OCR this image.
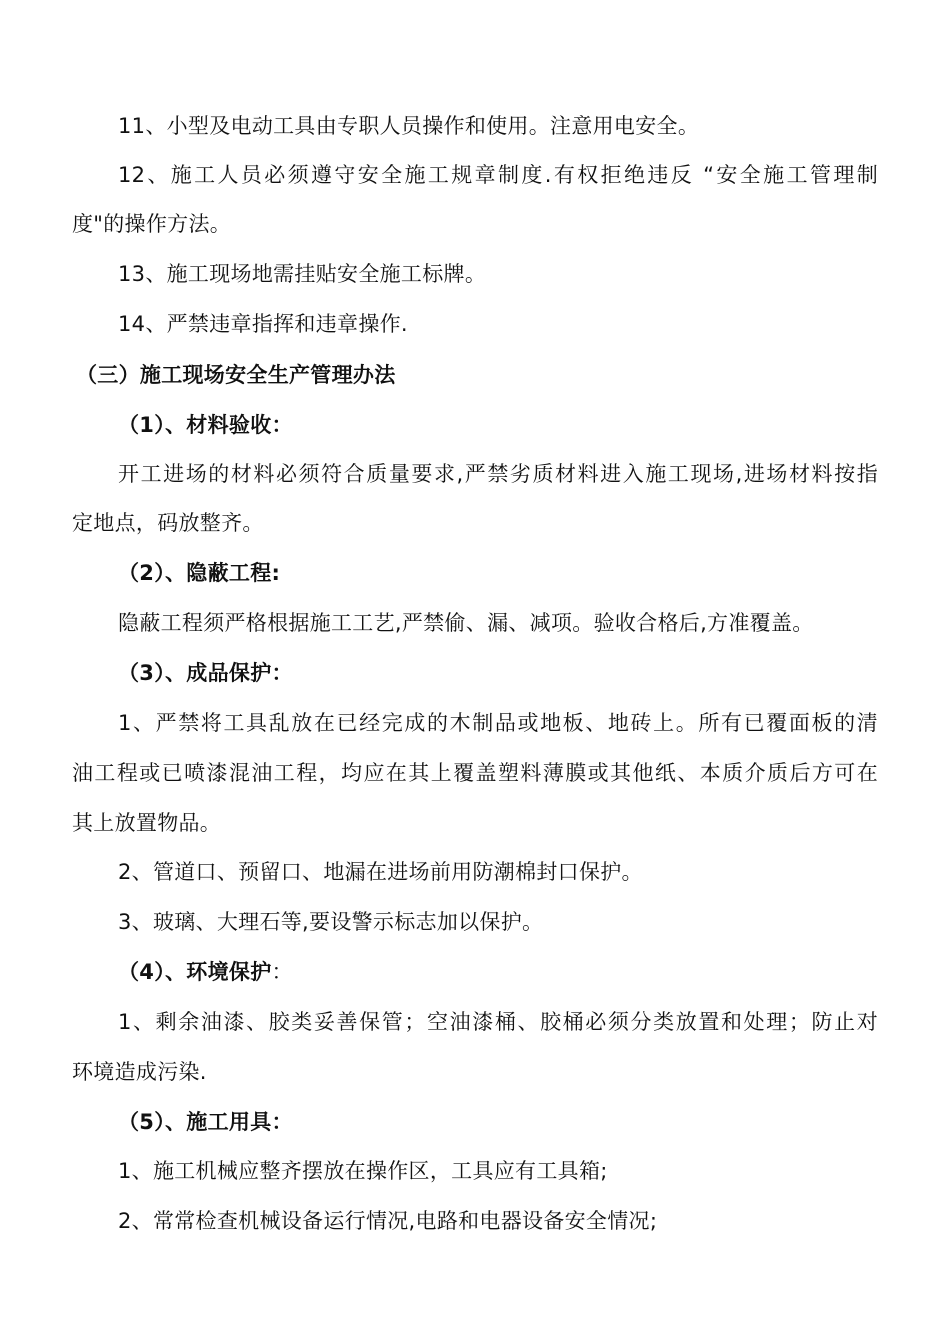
11、小型及电动工具由专职人员操作和使用。注意用电安全。
12、施工人员必须遵守安全施工规章制度.有权拒绝违反 “安全施工管理制
度"的操作方法。
13、施工现场地需挂贴安全施工标牌。
14、严禁违章指挥和违章操作.
（三）施工现场安全生产管理办法
（1）、材料验收：
开工进场的材料必须符合质量要求,严禁劣质材料进入施工现场,进场材料按指
定地点，码放整齐。
（2）、隐蔽工程:
隐蔽工程须严格根据施工工艺,严禁偷、漏、减项。验收合格后,方准覆盖。
（3）、成品保护：
1、严禁将工具乱放在已经完成的木制品或地板、地砖上。所有已覆面板的清
油工程或已喷漆混油工程，均应在其上覆盖塑料薄膜或其他纸、本质介质后方可在
其上放置物品。
2、管道口、预留口、地漏在进场前用防潮棉封口保护。
3、玻璃、大理石等,要设警示标志加以保护。
（4）、环境保护：
1、剩余油漆、胶类妥善保管；空油漆桶、胶桶必须分类放置和处理；防止对
环境造成污染.
（5）、施工用具：
1、施工机械应整齐摆放在操作区，工具应有工具箱;
2、常常检查机械设备运行情况,电路和电器设备安全情况;
